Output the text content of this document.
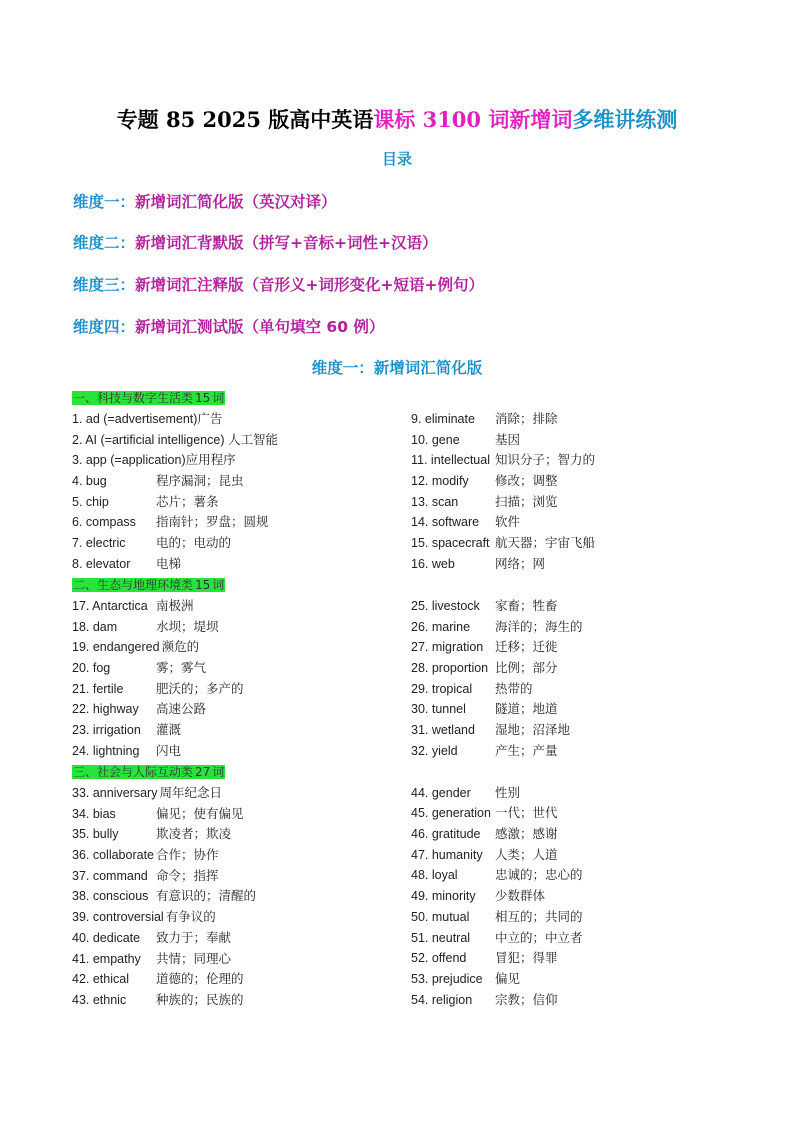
专题 85 2025 版高中英语课标 3100 词新增词多维讲练测
目录
维度一：新增词汇简化版（英汉对译）
维度二：新增词汇背默版（拼写+音标+词性+汉语）
维度三：新增词汇注释版（音形义+词形变化+短语+例句）
维度四：新增词汇测试版（单句填空 60 例）
维度一：新增词汇简化版
一、科技与数字生活类 15 词
1. ad (=advertisement)广告
2. AI (=artificial intelligence) 人工智能
3. app (=application)应用程序
4. bug	程序漏洞；昆虫
5. chip	芯片；薯条
6. compass 指南针；罗盘；圆规
7. electric 电的；电动的
8. elevator 电梯
9. eliminate 消除；排除
10. gene	基因
11. intellectual 知识分子；智力的
12. modify 修改；调整
13. scan	扫描；浏览
14. software 软件
15. spacecraft 航天器；宇宙飞船
16. web	网络；网
二、生态与地理环境类 15 词
17. Antarctica 南极洲
18. dam	水坝；堤坝
19. endangered 濒危的
20. fog	雾；雾气
21. fertile	肥沃的；多产的
22. highway 高速公路
23. irrigation 灌溉
24. lightning 闪电
25. livestock 家畜；牲畜
26. marine 海洋的；海生的
27. migration 迁移；迁徙
28. proportion 比例；部分
29. tropical 热带的
30. tunnel 隧道；地道
31. wetland 湿地；沼泽地
32. yield	产生；产量
三、社会与人际互动类 27 词
33. anniversary 周年纪念日
34. bias	偏见；使有偏见
35. bully	欺凌者；欺凌
36. collaborate 合作；协作
37. command 命令；指挥
38. conscious 有意识的；清醒的
39. controversial 有争议的
40. dedicate 致力于；奉献
41. empathy 共情；同理心
42. ethical 道德的；伦理的
43. ethnic 种族的；民族的
44. gender 性别
45. generation 一代；世代
46. gratitude 感激；感谢
47. humanity 人类；人道
48. loyal	忠诚的；忠心的
49. minority 少数群体
50. mutual 相互的；共同的
51. neutral 中立的；中立者
52. offend 冒犯；得罪
53. prejudice 偏见
54. religion 宗教；信仰
